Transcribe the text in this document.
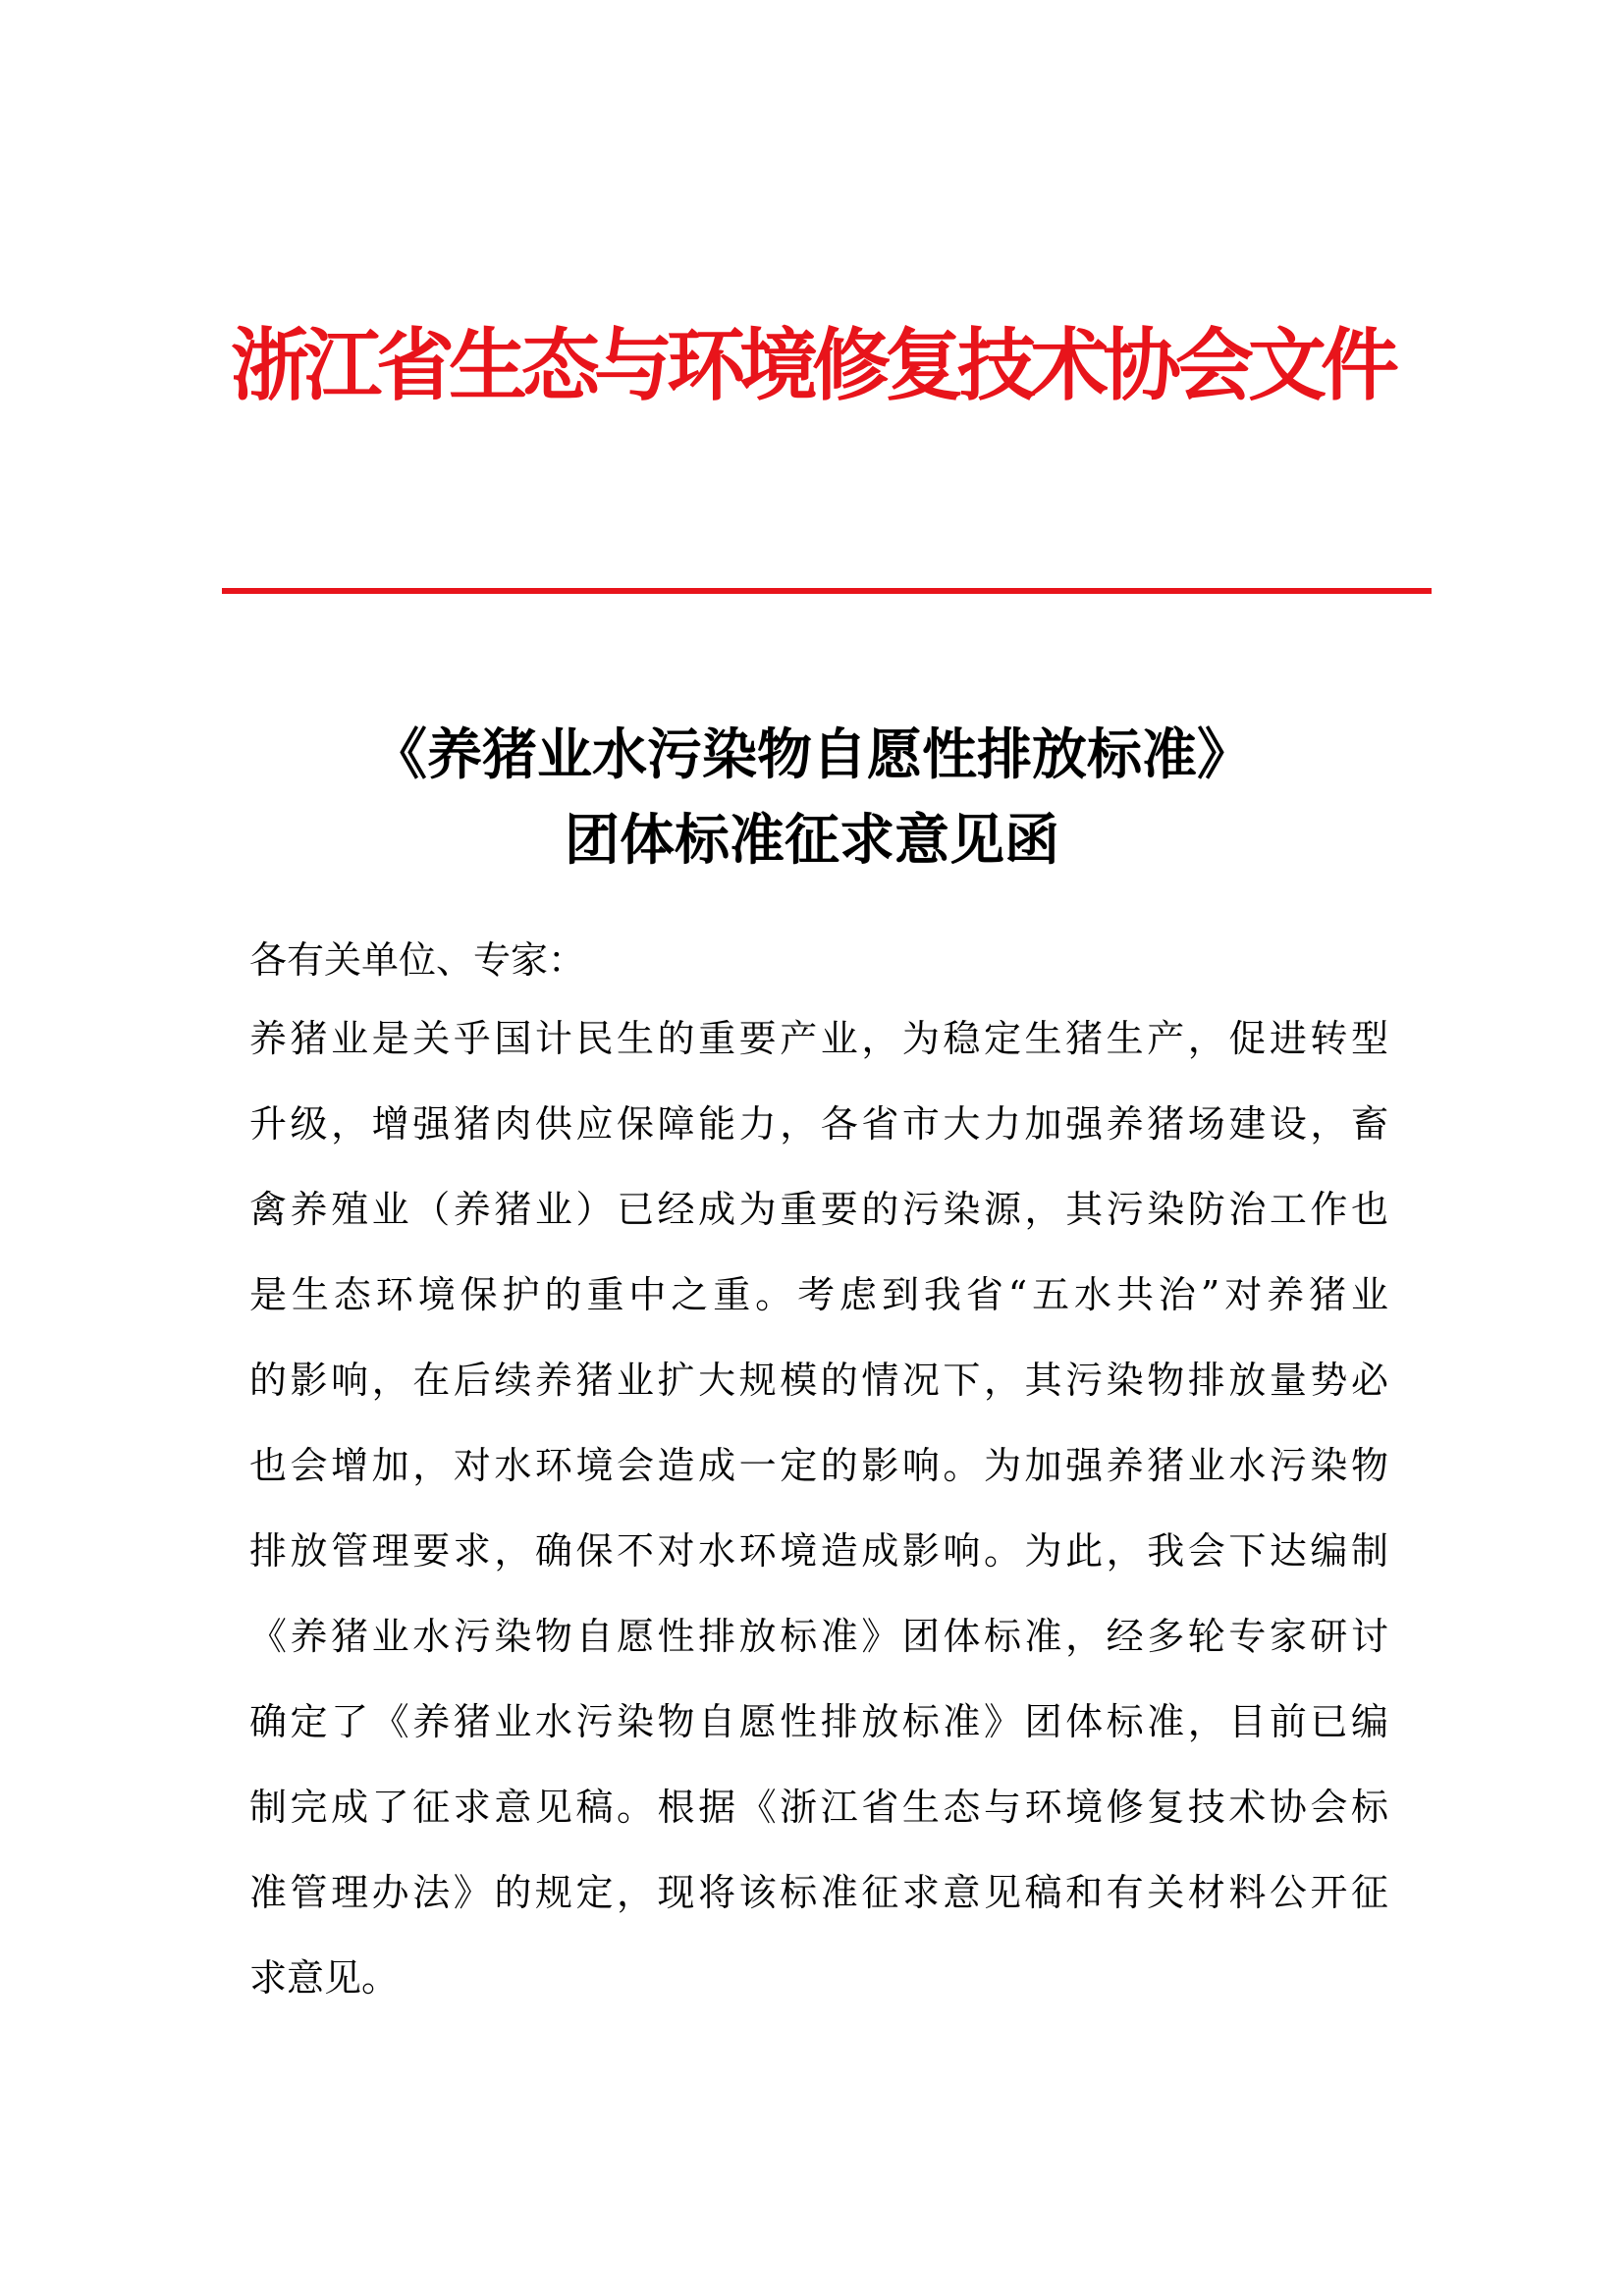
浙江省生态与环境修复技术协会文件
《养猪业水污染物自愿性排放标准》
团体标准征求意见函
各有关单位、专家：
养猪业是关乎国计民生的重要产业，为稳定生猪生产，促进转型
升级，增强猪肉供应保障能力，各省市大力加强养猪场建设，畜
禽养殖业（养猪业）已经成为重要的污染源，其污染防治工作也
是生态环境保护的重中之重。考虑到我省“五水共治”对养猪业
的影响，在后续养猪业扩大规模的情况下，其污染物排放量势必
也会增加，对水环境会造成一定的影响。为加强养猪业水污染物
排放管理要求，确保不对水环境造成影响。为此，我会下达编制
《养猪业水污染物自愿性排放标准》团体标准，经多轮专家研讨
确定了《养猪业水污染物自愿性排放标准》团体标准，目前已编
制完成了征求意见稿。根据《浙江省生态与环境修复技术协会标
准管理办法》的规定，现将该标准征求意见稿和有关材料公开征
求意见。
